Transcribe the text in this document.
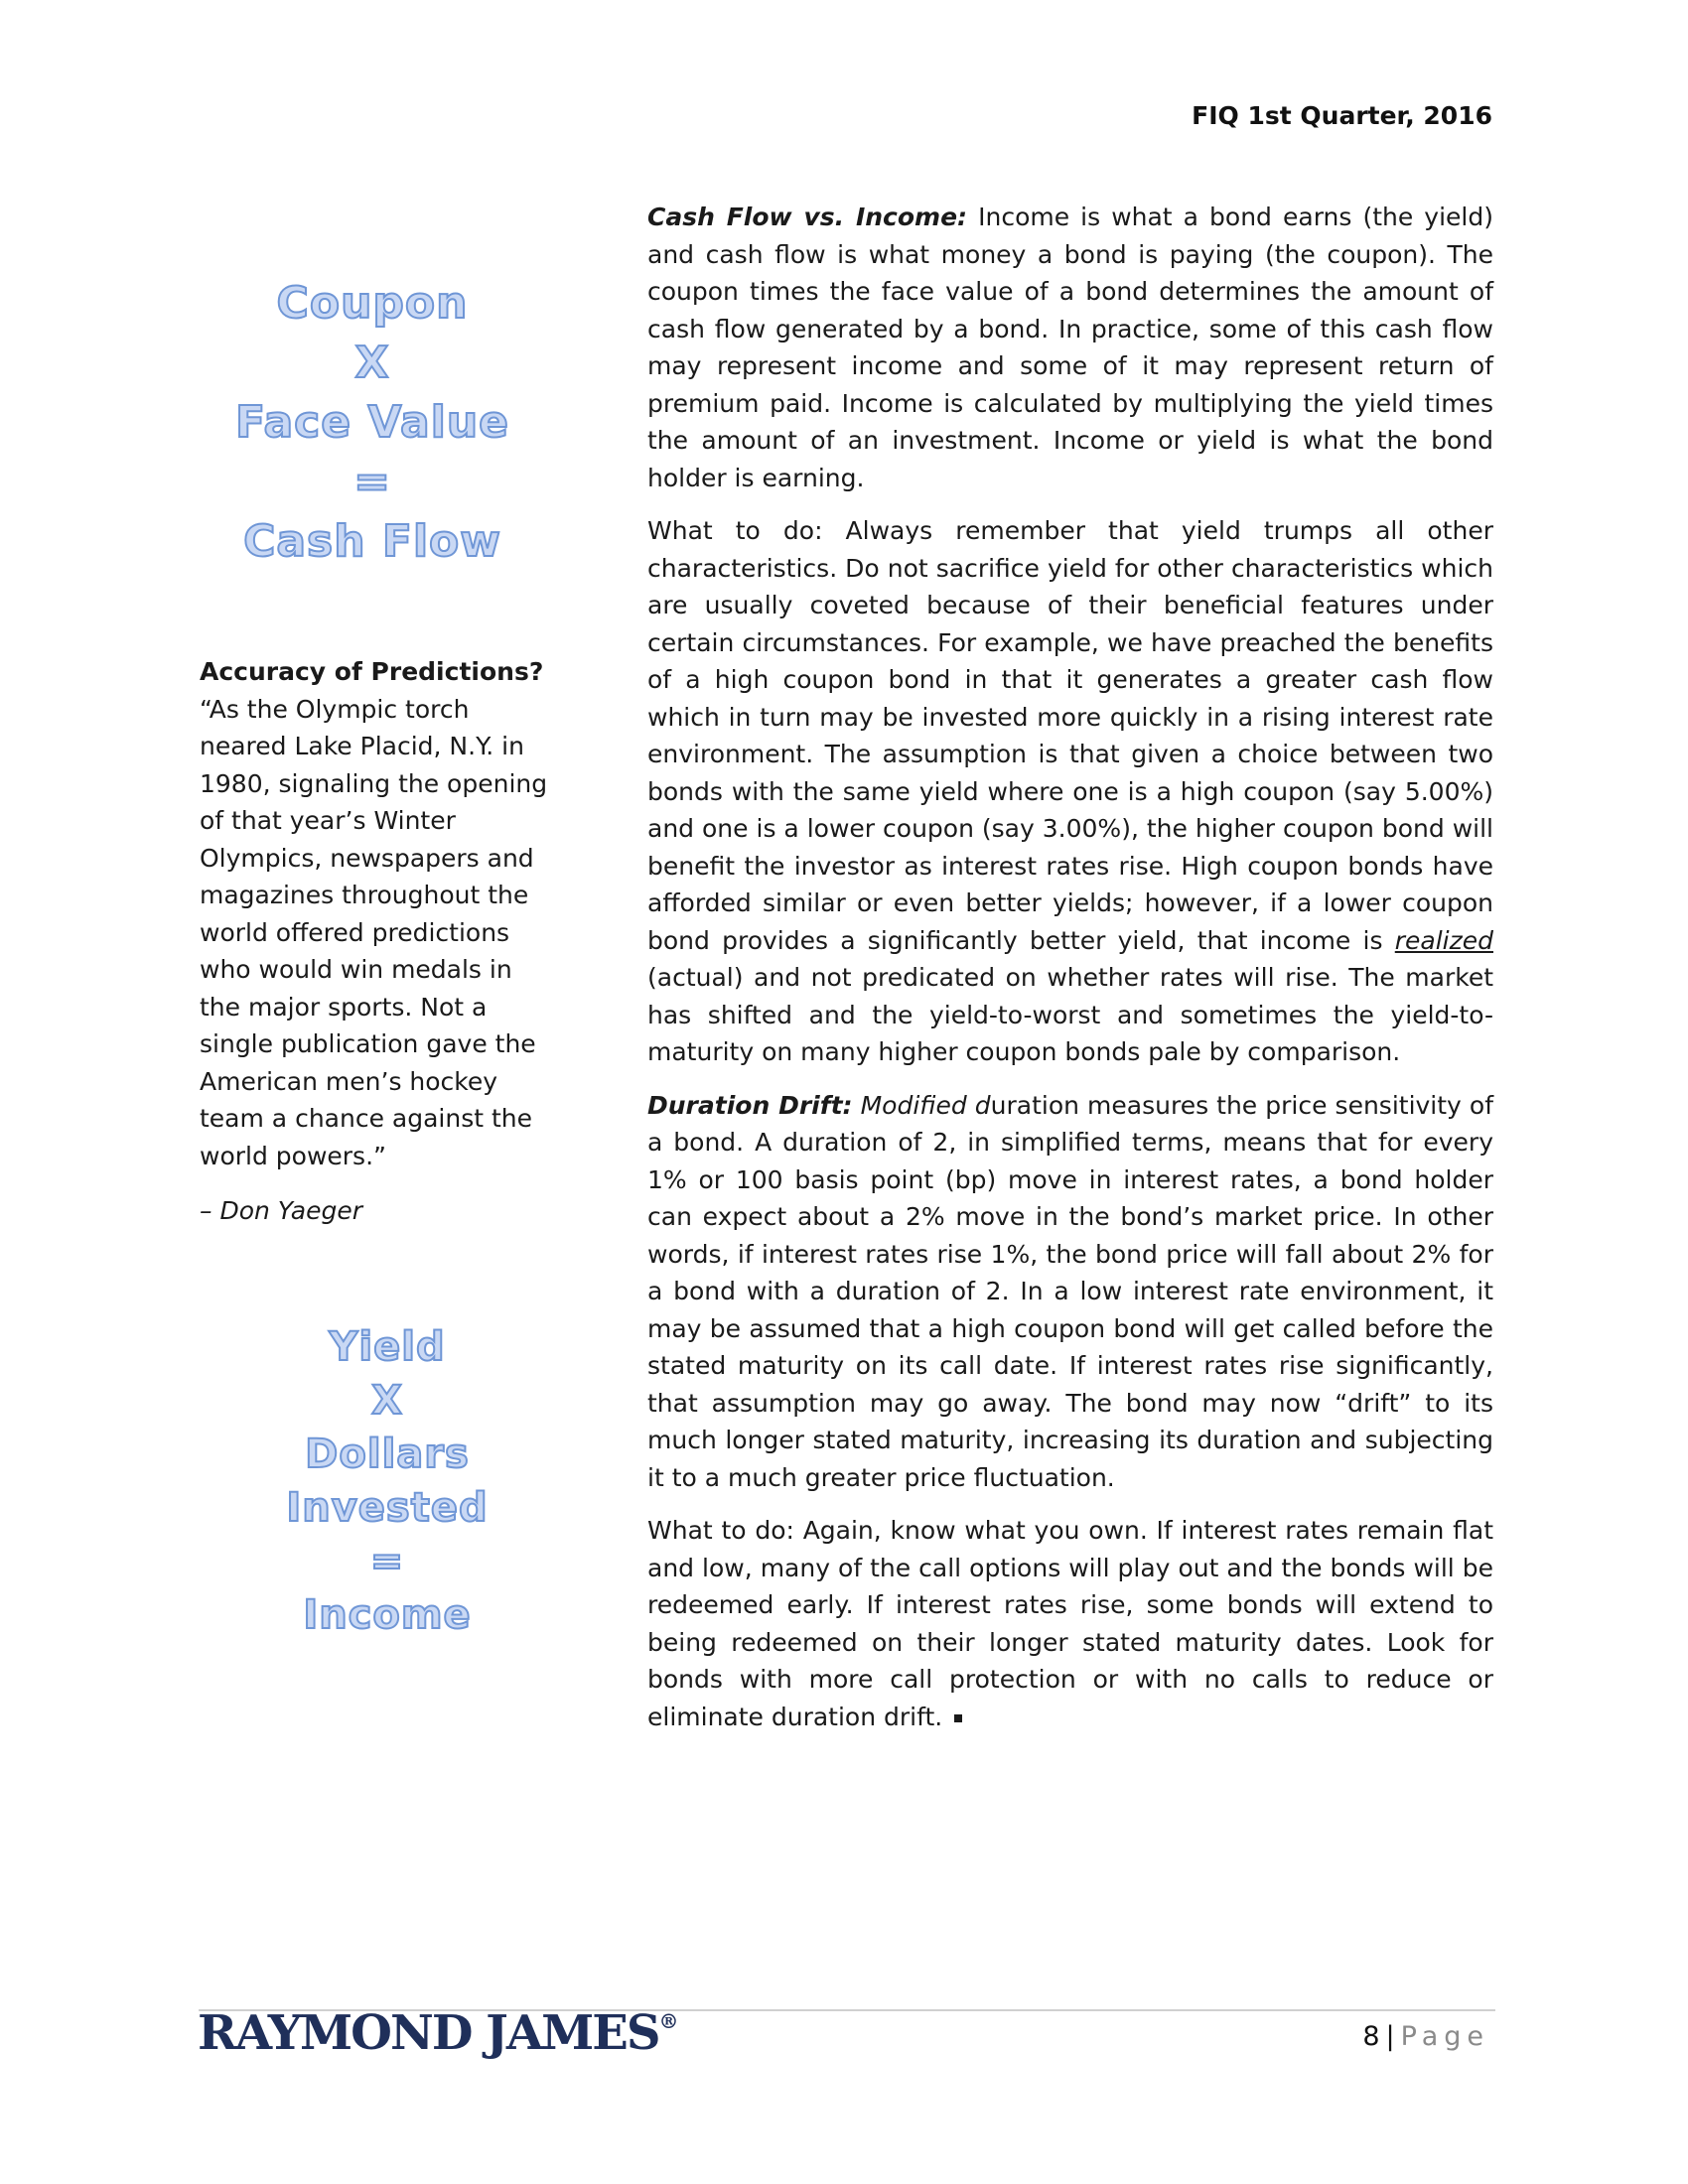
FIQ 1st Quarter, 2016
Coupon
X
Face Value
=
Cash Flow
Accuracy of Predictions?
“As the Olympic torch neared Lake Placid, N.Y. in 1980, signaling the opening of that year’s Winter Olympics, newspapers and magazines throughout the world offered predictions who would win medals in the major sports. Not a single publication gave the American men’s hockey team a chance against the world powers.”
– Don Yaeger
Yield
X
Dollars Invested
=
Income

Cash Flow vs. Income: Income is what a bond earns (the yield) and cash flow is what money a bond is paying (the coupon). The coupon times the face value of a bond determines the amount of cash flow generated by a bond. In practice, some of this cash flow may represent income and some of it may represent return of premium paid. Income is calculated by multiplying the yield times the amount of an investment. Income or yield is what the bond holder is earning.

What to do: Always remember that yield trumps all other characteristics. Do not sacrifice yield for other characteristics which are usually coveted because of their beneficial features under certain circumstances. For example, we have preached the benefits of a high coupon bond in that it generates a greater cash flow which in turn may be invested more quickly in a rising interest rate environment. The assumption is that given a choice between two bonds with the same yield where one is a high coupon (say 5.00%) and one is a lower coupon (say 3.00%), the higher coupon bond will benefit the investor as interest rates rise. High coupon bonds have afforded similar or even better yields; however, if a lower coupon bond provides a significantly better yield, that income is realized (actual) and not predicated on whether rates will rise. The market has shifted and the yield-to-worst and sometimes the yield-to-maturity on many higher coupon bonds pale by comparison.

Duration Drift: Modified duration measures the price sensitivity of a bond. A duration of 2, in simplified terms, means that for every 1% or 100 basis point (bp) move in interest rates, a bond holder can expect about a 2% move in the bond’s market price. In other words, if interest rates rise 1%, the bond price will fall about 2% for a bond with a duration of 2. In a low interest rate environment, it may be assumed that a high coupon bond will get called before the stated maturity on its call date. If interest rates rise significantly, that assumption may go away. The bond may now “drift” to its much longer stated maturity, increasing its duration and subjecting it to a much greater price fluctuation.

What to do: Again, know what you own. If interest rates remain flat and low, many of the call options will play out and the bonds will be redeemed early. If interest rates rise, some bonds will extend to being redeemed on their longer stated maturity dates. Look for bonds with more call protection or with no calls to reduce or eliminate duration drift.

RAYMOND JAMES®	8 | Page
